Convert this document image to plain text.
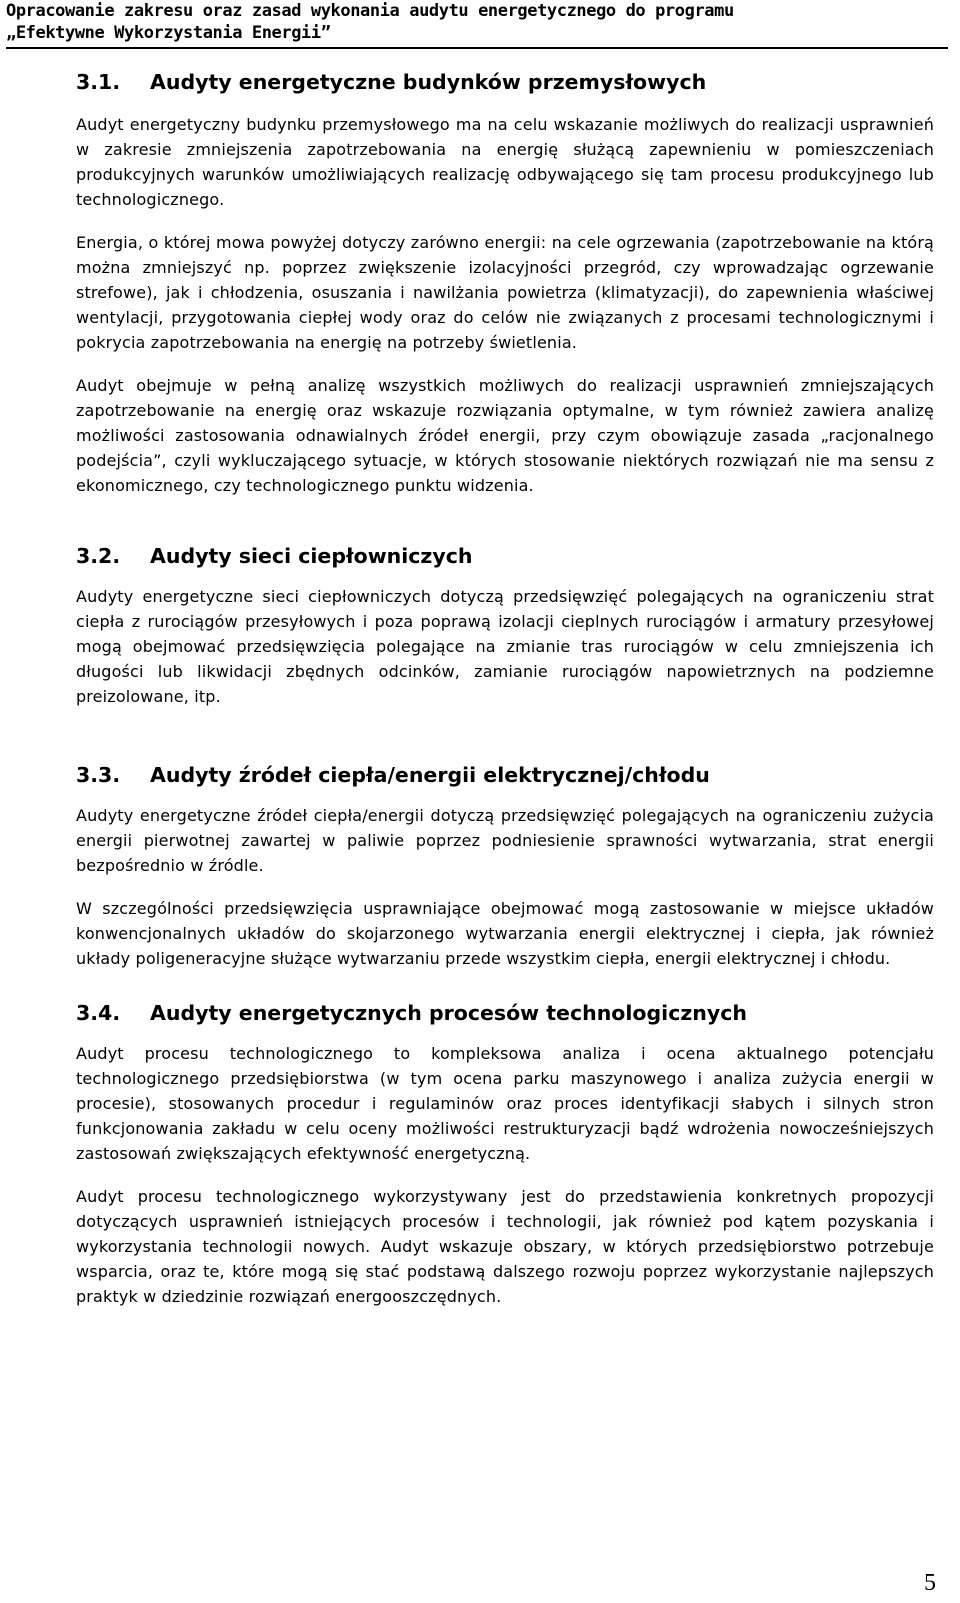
Opracowanie zakresu oraz zasad wykonania audytu energetycznego do programu
„Efektywne Wykorzystania Energii”
3.1.	Audyty energetyczne budynków przemysłowych

Audyt energetyczny budynku przemysłowego ma na celu wskazanie możliwych do realizacji usprawnień w zakresie zmniejszenia zapotrzebowania na energię służącą zapewnieniu w pomieszczeniach produkcyjnych warunków umożliwiających realizację odbywającego się tam procesu produkcyjnego lub technologicznego.

Energia, o której mowa powyżej dotyczy zarówno energii: na cele ogrzewania (zapotrzebowanie na którą można zmniejszyć np. poprzez zwiększenie izolacyjności przegród, czy wprowadzając ogrzewanie strefowe), jak i chłodzenia, osuszania i nawilżania powietrza (klimatyzacji), do zapewnienia właściwej wentylacji, przygotowania ciepłej wody oraz do celów nie związanych z procesami technologicznymi i pokrycia zapotrzebowania na energię na potrzeby świetlenia.

Audyt obejmuje w pełną analizę wszystkich możliwych do realizacji usprawnień zmniejszających zapotrzebowanie na energię oraz wskazuje rozwiązania optymalne, w tym również zawiera analizę możliwości zastosowania odnawialnych źródeł energii, przy czym obowiązuje zasada „racjonalnego podejścia”, czyli wykluczającego sytuacje, w których stosowanie niektórych rozwiązań nie ma sensu z ekonomicznego, czy technologicznego punktu widzenia.

3.2.	Audyty sieci ciepłowniczych

Audyty energetyczne sieci ciepłowniczych dotyczą przedsięwzięć polegających na ograniczeniu strat ciepła z rurociągów przesyłowych i poza poprawą izolacji cieplnych rurociągów i armatury przesyłowej mogą obejmować przedsięwzięcia polegające na zmianie tras rurociągów w celu zmniejszenia ich długości lub likwidacji zbędnych odcinków, zamianie rurociągów napowietrznych na podziemne preizolowane, itp.

3.3.	Audyty źródeł ciepła/energii elektrycznej/chłodu

Audyty energetyczne źródeł ciepła/energii dotyczą przedsięwzięć polegających na ograniczeniu zużycia energii pierwotnej zawartej w paliwie poprzez podniesienie sprawności wytwarzania, strat energii bezpośrednio w źródle.

W szczególności przedsięwzięcia usprawniające obejmować mogą zastosowanie w miejsce układów konwencjonalnych układów do skojarzonego wytwarzania energii elektrycznej i ciepła, jak również układy poligeneracyjne służące wytwarzaniu przede wszystkim ciepła, energii elektrycznej i chłodu.

3.4.	Audyty energetycznych procesów technologicznych

Audyt procesu technologicznego to kompleksowa analiza i ocena aktualnego potencjału technologicznego przedsiębiorstwa (w tym ocena parku maszynowego i analiza zużycia energii w procesie), stosowanych procedur i regulaminów oraz proces identyfikacji słabych i silnych stron funkcjonowania zakładu w celu oceny możliwości restrukturyzacji bądź wdrożenia nowocześniejszych zastosowań zwiększających efektywność energetyczną.

Audyt procesu technologicznego wykorzystywany jest do przedstawienia konkretnych propozycji dotyczących usprawnień istniejących procesów i technologii, jak również pod kątem pozyskania i wykorzystania technologii nowych. Audyt wskazuje obszary, w których przedsiębiorstwo potrzebuje wsparcia, oraz te, które mogą się stać podstawą dalszego rozwoju poprzez wykorzystanie najlepszych praktyk w dziedzinie rozwiązań energooszczędnych.

5
